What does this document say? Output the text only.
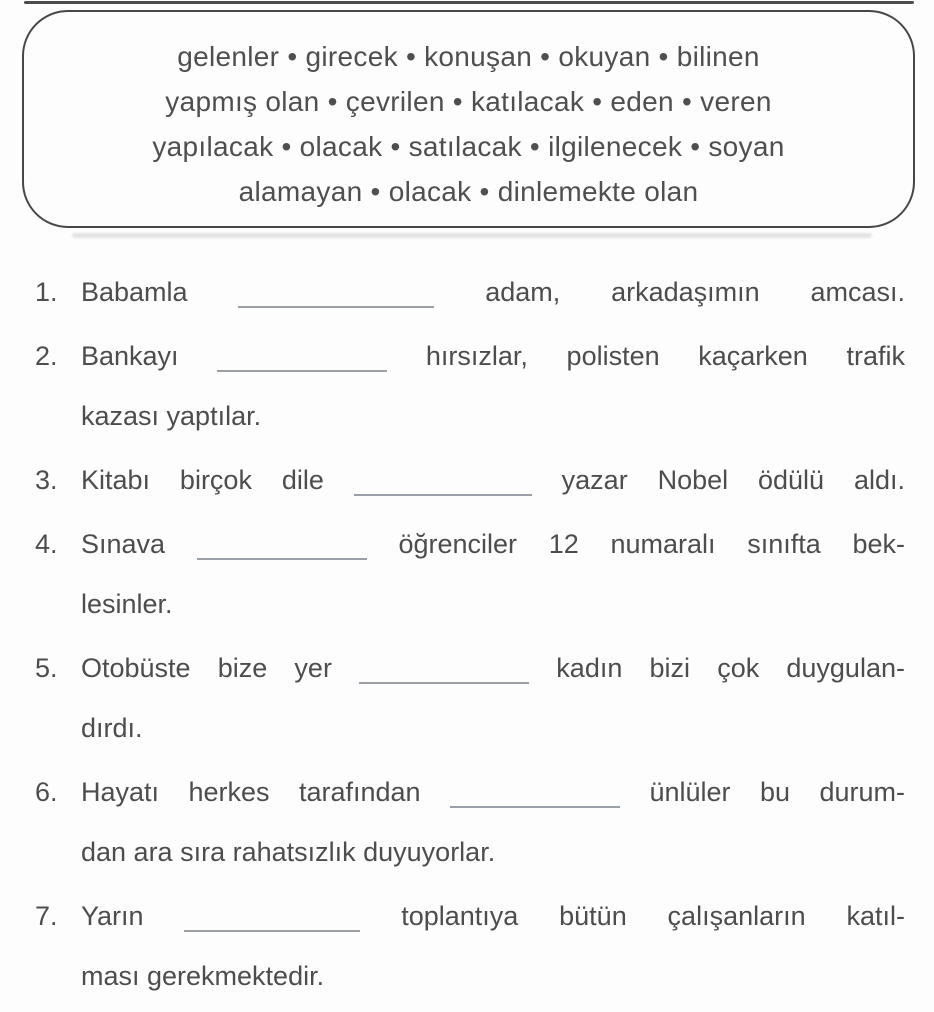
gelenler • girecek • konuşan • okuyan • bilinen
yapmış olan • çevrilen • katılacak • eden • veren
yapılacak • olacak • satılacak • ilgilenecek • soyan
alamayan • olacak • dinlemekte olan
1. Babamla	adam, arkadaşımın amcası.
2. Bankayı	hırsızlar, polisten kaçarken trafik
kazası yaptılar.
3. Kitabı birçok dile	yazar Nobel ödülü aldı.
4. Sınava	öğrenciler 12 numaralı sınıfta bek-
lesinler.
5. Otobüste bize yer	kadın bizi çok duygulan-
dırdı.
6. Hayatı herkes tarafından	ünlüler bu durum-
dan ara sıra rahatsızlık duyuyorlar.
7. Yarın	toplantıya bütün çalışanların katıl-
ması gerekmektedir.
